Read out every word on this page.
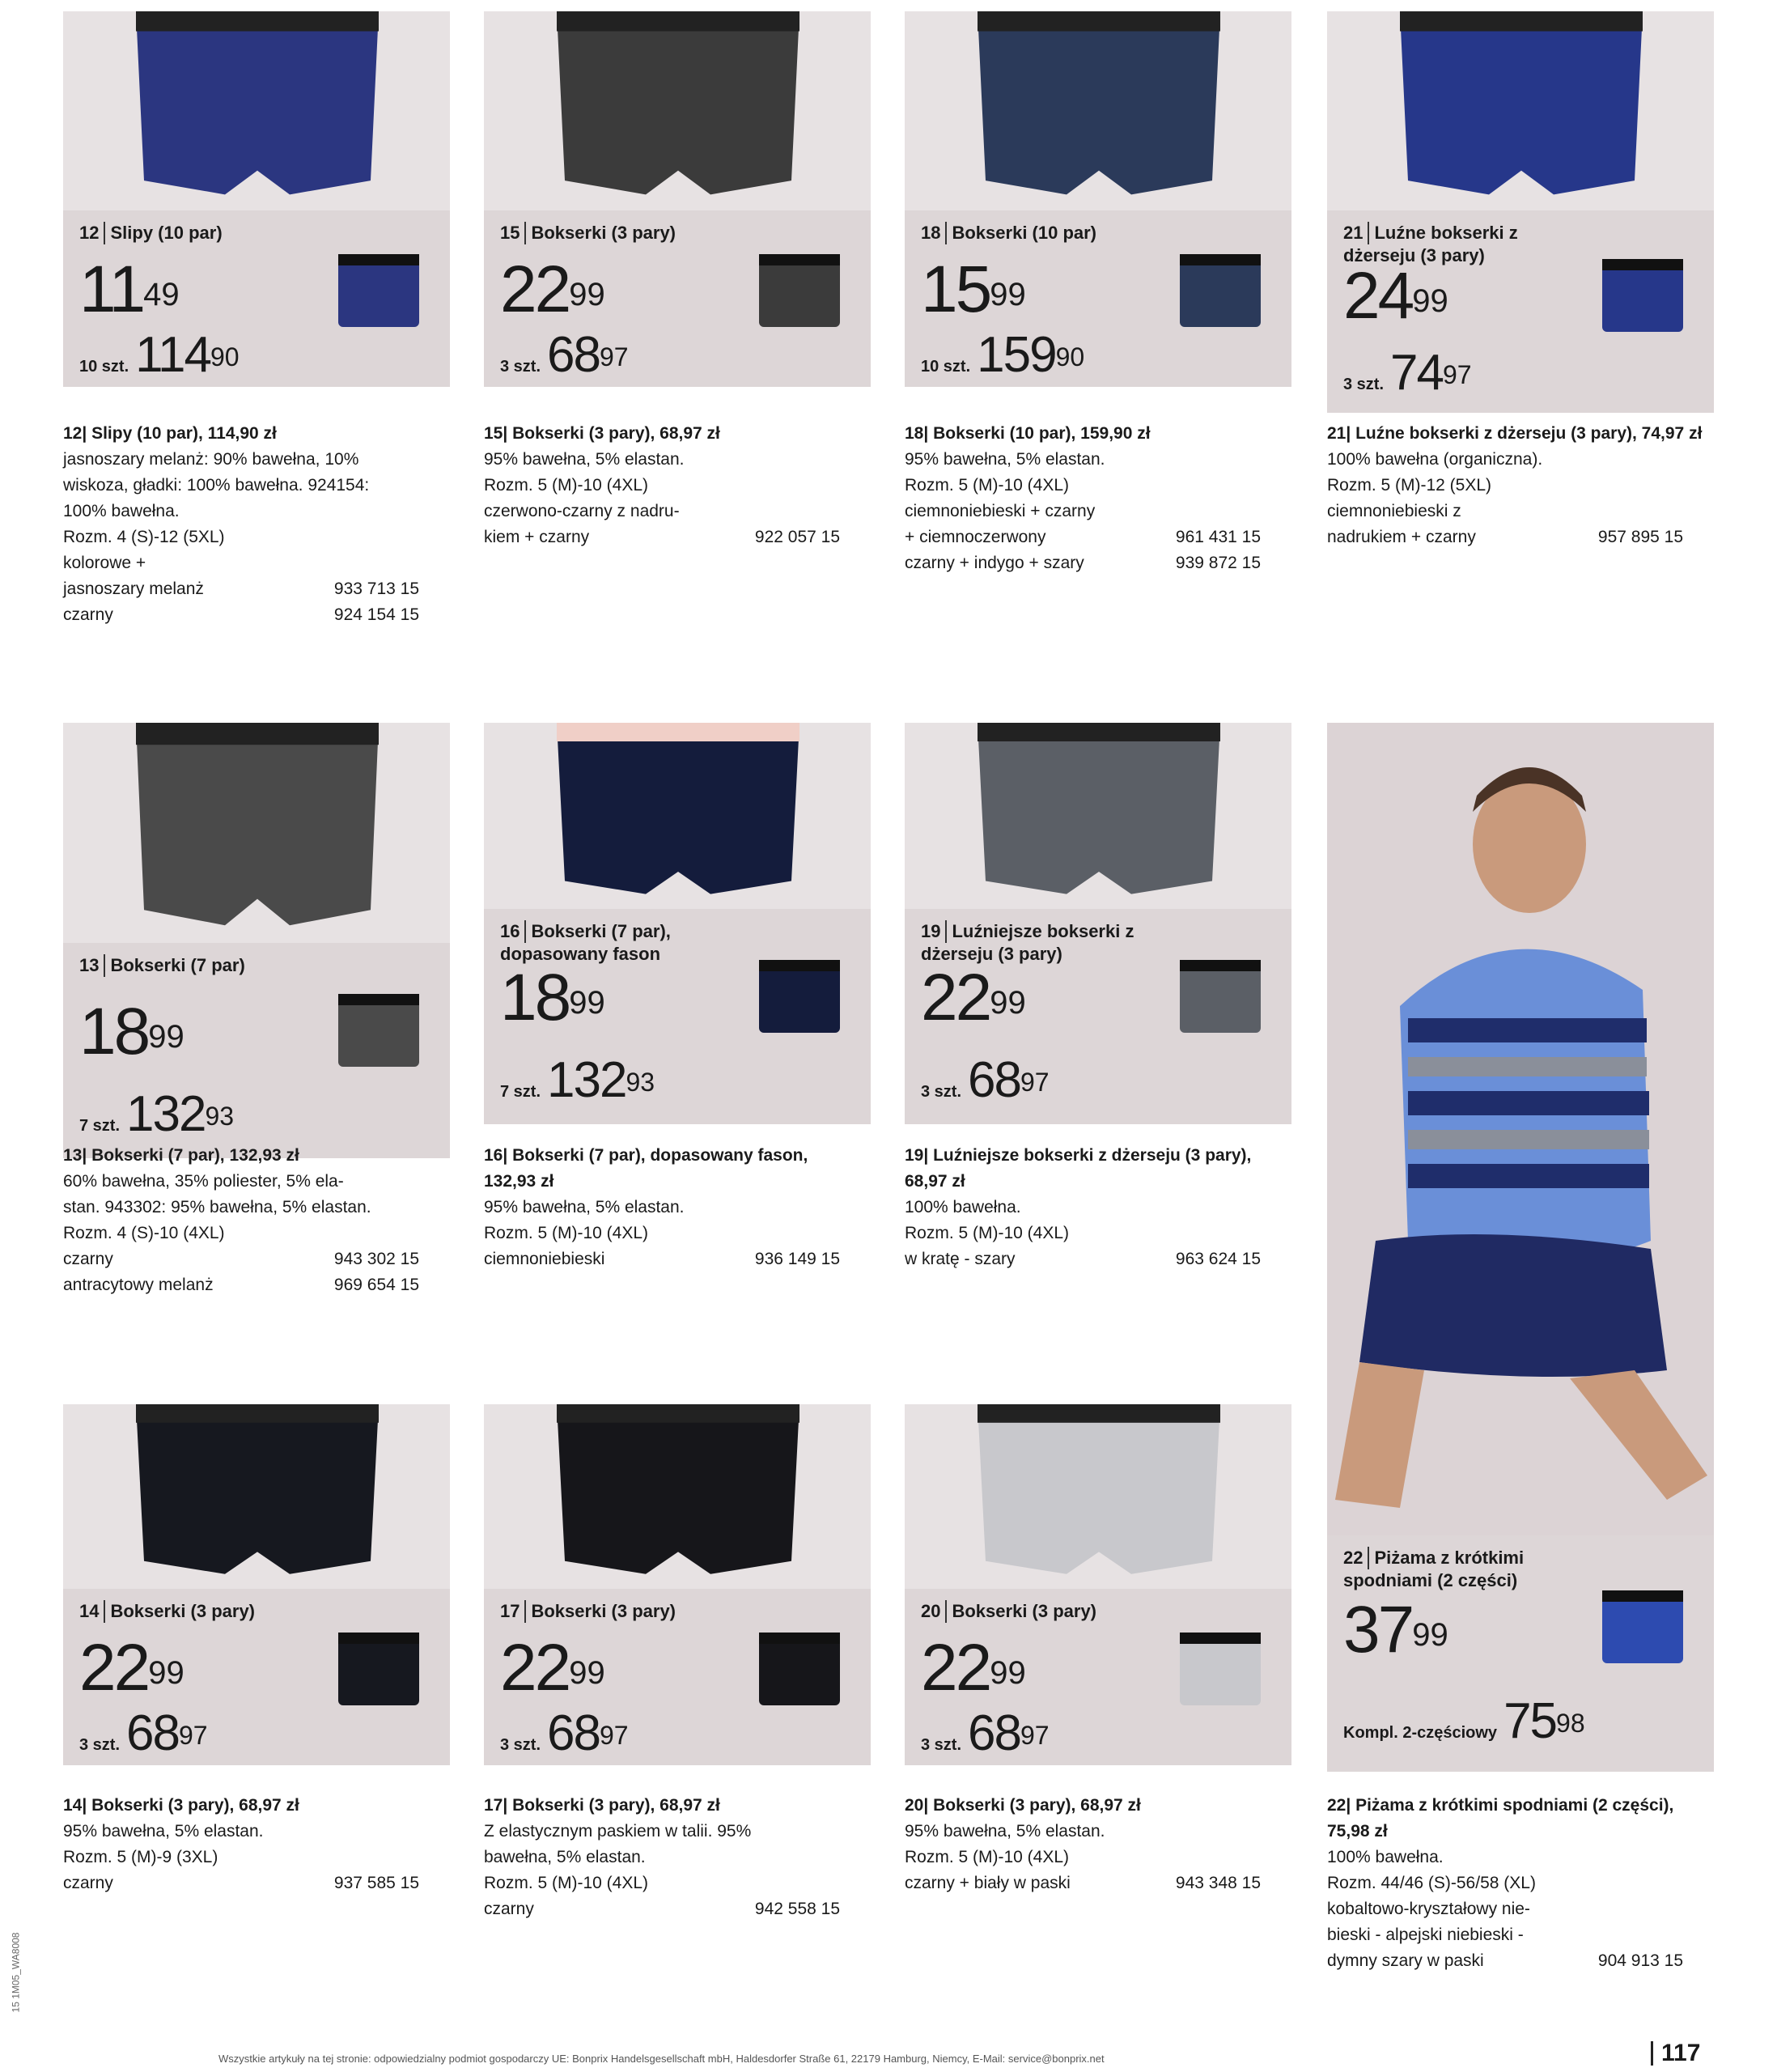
12 Slipy (10 par)
$11^{49}$
10 szt. $114^{90}$
12| Slipy (10 par), 114,90 zł
jasnoszary melanż: 90% bawełna, 10%
wiskoza, gładki: 100% bawełna. 924154:
100% bawełna.
Rozm. 4 (S)-12 (5XL)
kolorowe +
jasnoszary melanż	933 713 15
czarny	924 154 15
15 Bokserki (3 pary)
$22^{99}$
3 szt. $68^{97}$
15| Bokserki (3 pary), 68,97 zł
95% bawełna, 5% elastan.
Rozm. 5 (M)-10 (4XL)
czerwono-czarny z nadru-
kiem + czarny	922 057 15
18 Bokserki (10 par)
$15^{99}$
10 szt. $159^{90}$
18| Bokserki (10 par), 159,90 zł
95% bawełna, 5% elastan.
Rozm. 5 (M)-10 (4XL)
ciemnoniebieski + czarny
+ ciemnoczerwony	961 431 15
czarny + indygo + szary	939 872 15
21 Luźne bokserki z dżerseju (3 pary)
$24^{99}$
3 szt. $74^{97}$
21| Luźne bokserki z dżerseju (3 pary), 74,97 zł
100% bawełna (organiczna).
Rozm. 5 (M)-12 (5XL)
ciemnoniebieski z
nadrukiem + czarny	957 895 15
13 Bokserki (7 par)
$18^{99}$
7 szt. $132^{93}$
13| Bokserki (7 par), 132,93 zł
60% bawełna, 35% poliester, 5% ela-
stan. 943302: 95% bawełna, 5% elastan.
Rozm. 4 (S)-10 (4XL)
czarny	943 302 15
antracytowy melanż	969 654 15
16 Bokserki (7 par), dopasowany fason
$18^{99}$
7 szt. $132^{93}$
16| Bokserki (7 par), dopasowany fason, 132,93 zł
95% bawełna, 5% elastan.
Rozm. 5 (M)-10 (4XL)
ciemnoniebieski	936 149 15
19 Luźniejsze bokserki z dżerseju (3 pary)
$22^{99}$
3 szt. $68^{97}$
19| Luźniejsze bokserki z dżerseju (3 pary), 68,97 zł
100% bawełna.
Rozm. 5 (M)-10 (4XL)
w kratę - szary	963 624 15
14 Bokserki (3 pary)
$22^{99}$
3 szt. $68^{97}$
14| Bokserki (3 pary), 68,97 zł
95% bawełna, 5% elastan.
Rozm. 5 (M)-9 (3XL)
czarny	937 585 15
17 Bokserki (3 pary)
$22^{99}$
3 szt. $68^{97}$
17| Bokserki (3 pary), 68,97 zł
Z elastycznym paskiem w talii. 95%
bawełna, 5% elastan.
Rozm. 5 (M)-10 (4XL)
czarny	942 558 15
20 Bokserki (3 pary)
$22^{99}$
3 szt. $68^{97}$
20| Bokserki (3 pary), 68,97 zł
95% bawełna, 5% elastan.
Rozm. 5 (M)-10 (4XL)
czarny + biały w paski	943 348 15
22 Piżama z krótkimi spodniami (2 części)
$37^{99}$
Kompl. 2-częściowy $75^{98}$
22| Piżama z krótkimi spodniami (2 części), 75,98 zł
100% bawełna.
Rozm. 44/46 (S)-56/58 (XL)
kobaltowo-kryształowy nie-
bieski - alpejski niebieski -
dymny szary w paski	904 913 15
15 1M05_WA8008
Wszystkie artykuły na tej stronie: odpowiedzialny podmiot gospodarczy UE: Bonprix Handelsgesellschaft mbH, Haldesdorfer Straße 61, 22179 Hamburg, Niemcy, E-Mail: service@bonprix.net	117
